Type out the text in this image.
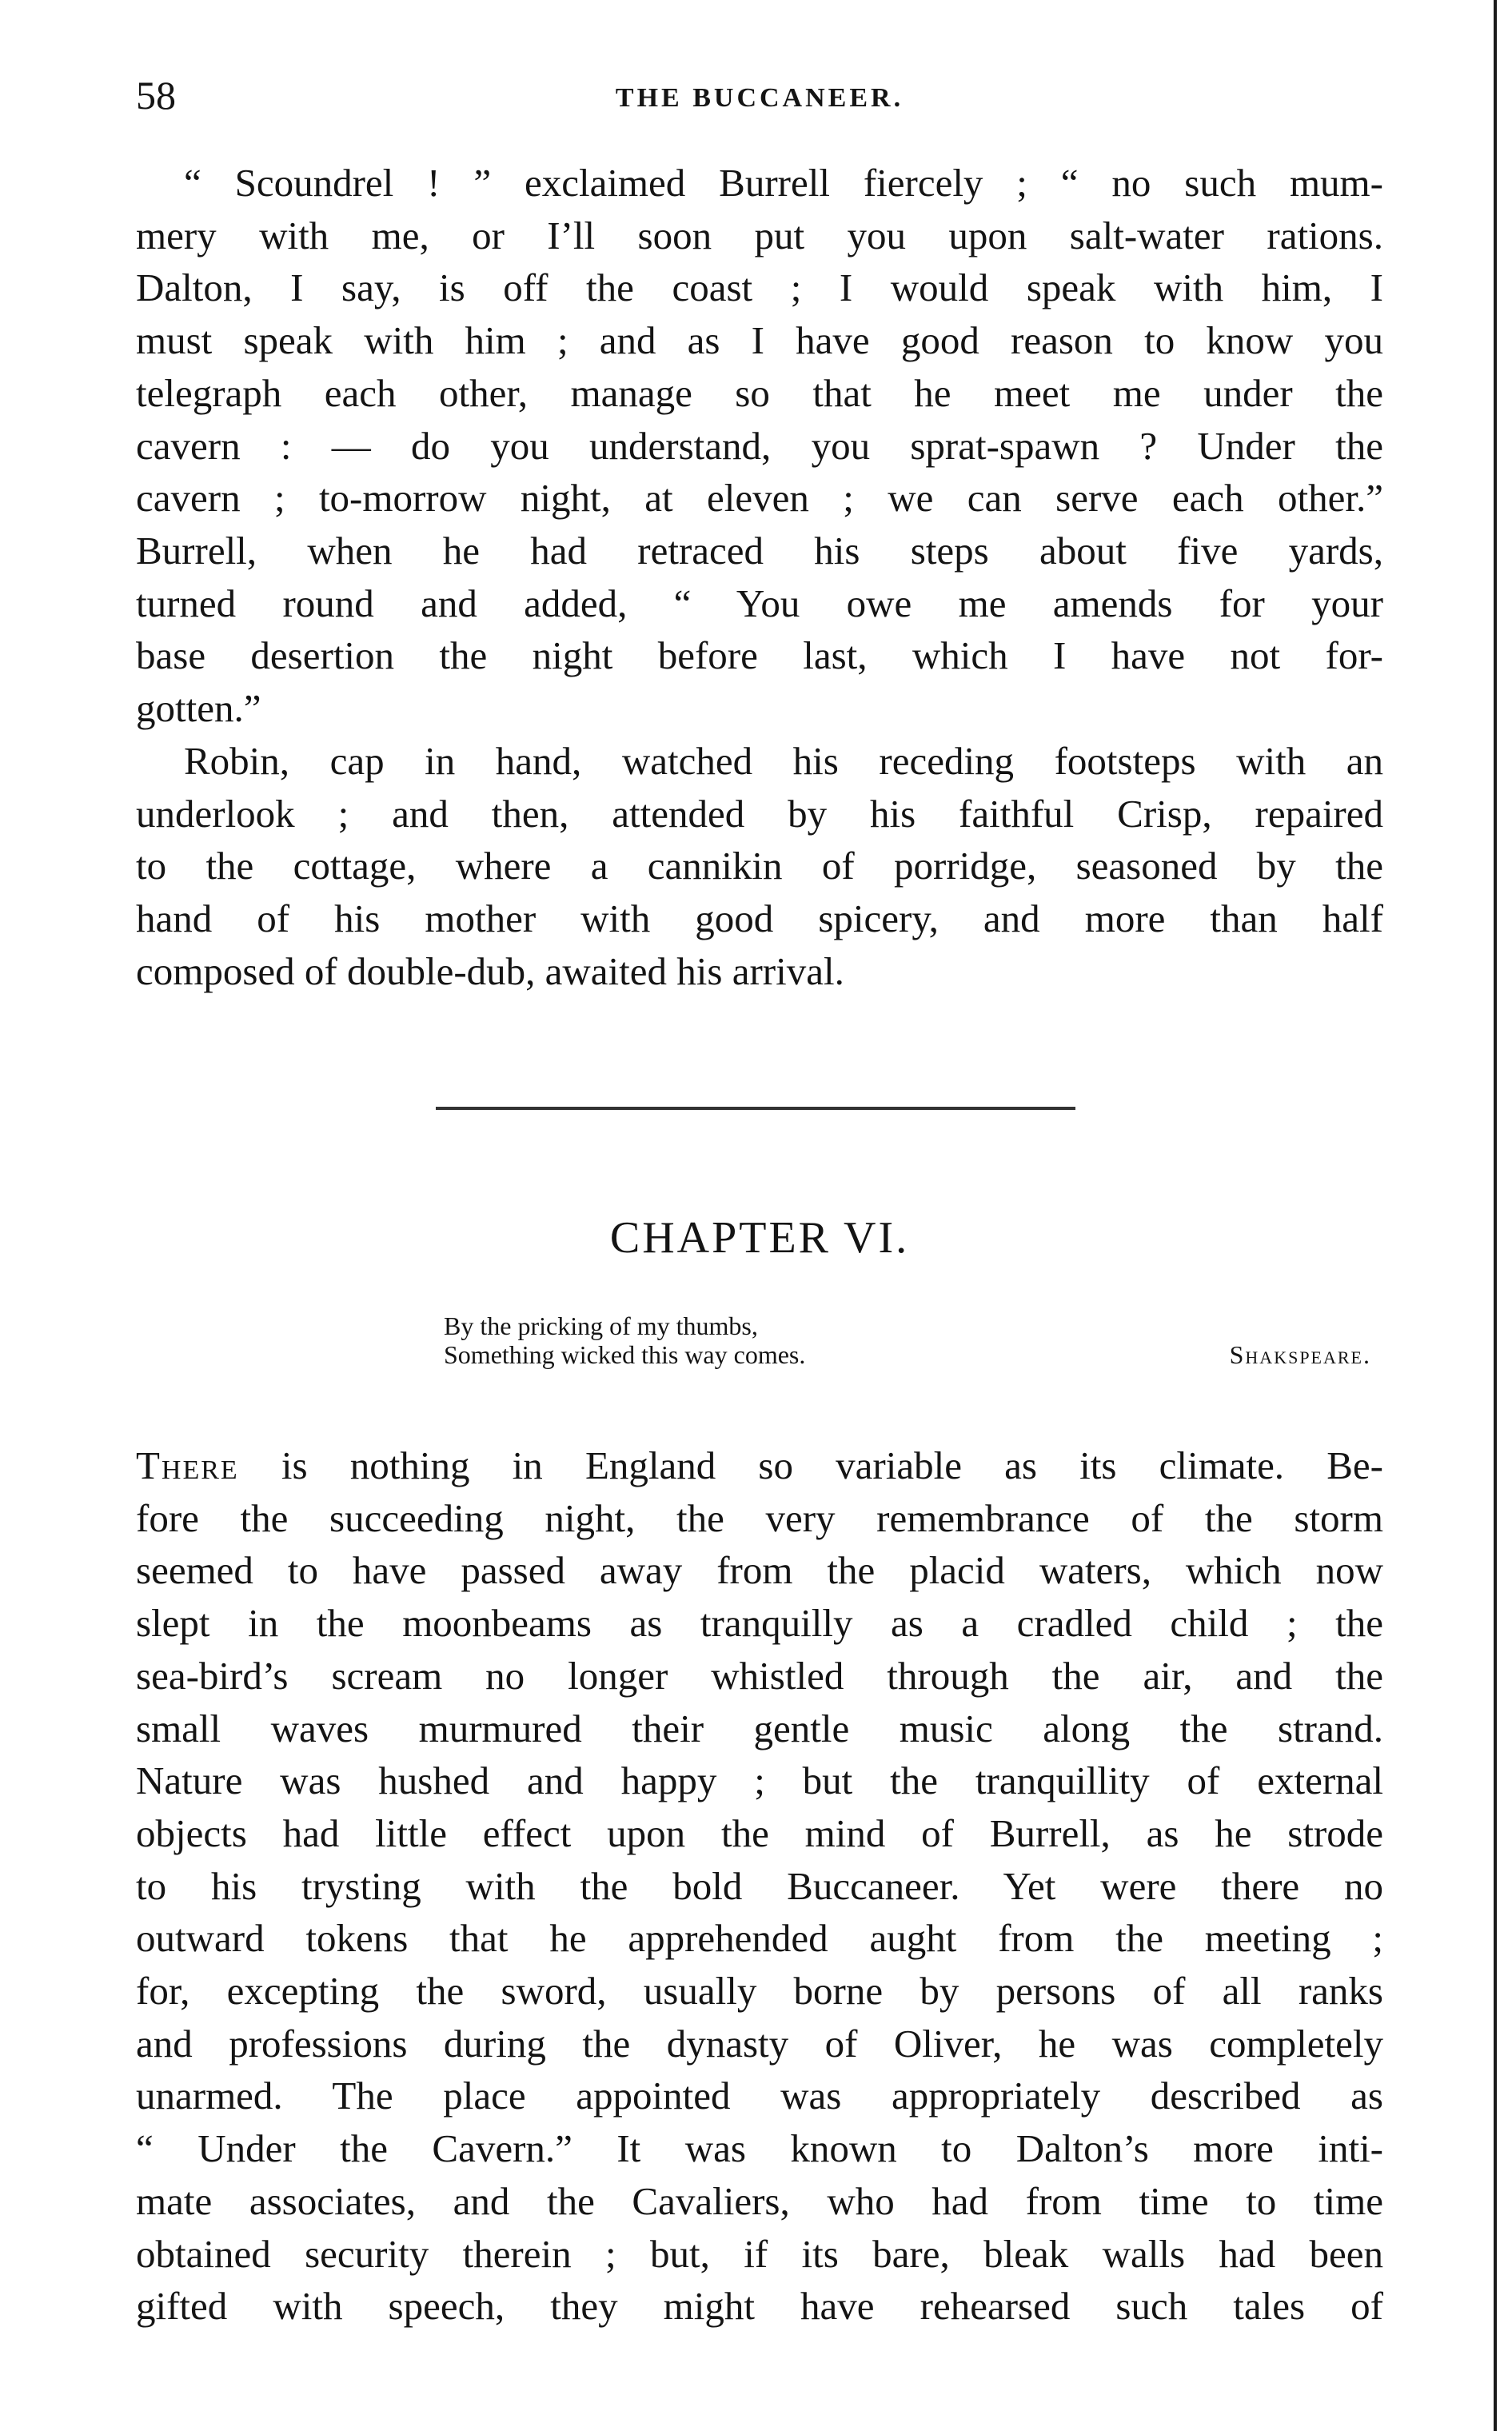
58	THE BUCCANEER.

“ Scoundrel ! ” exclaimed Burrell fiercely ; “ no such mum-
mery with me, or I’ll soon put you upon salt-water rations.
Dalton, I say, is off the coast ; I would speak with him, I
must speak with him ; and as I have good reason to know you
telegraph each other, manage so that he meet me under the
cavern : — do you understand, you sprat-spawn ? Under the
cavern ; to-morrow night, at eleven ; we can serve each other.”
Burrell, when he had retraced his steps about five yards,
turned round and added, “ You owe me amends for your
base desertion the night before last, which I have not for-
gotten.”

Robin, cap in hand, watched his receding footsteps with an
underlook ; and then, attended by his faithful Crisp, repaired
to the cottage, where a cannikin of porridge, seasoned by the
hand of his mother with good spicery, and more than half
composed of double-dub, awaited his arrival.

CHAPTER VI.
By the pricking of my thumbs,
Something wicked this way comes.	Shakspeare.

There is nothing in England so variable as its climate. Be-
fore the succeeding night, the very remembrance of the storm
seemed to have passed away from the placid waters, which now
slept in the moonbeams as tranquilly as a cradled child ; the
sea-bird’s scream no longer whistled through the air, and the
small waves murmured their gentle music along the strand.
Nature was hushed and happy ; but the tranquillity of external
objects had little effect upon the mind of Burrell, as he strode
to his trysting with the bold Buccaneer. Yet were there no
outward tokens that he apprehended aught from the meeting ;
for, excepting the sword, usually borne by persons of all ranks
and professions during the dynasty of Oliver, he was completely
unarmed. The place appointed was appropriately described as
“ Under the Cavern.” It was known to Dalton’s more inti-
mate associates, and the Cavaliers, who had from time to time
obtained security therein ; but, if its bare, bleak walls had been
gifted with speech, they might have rehearsed such tales of
